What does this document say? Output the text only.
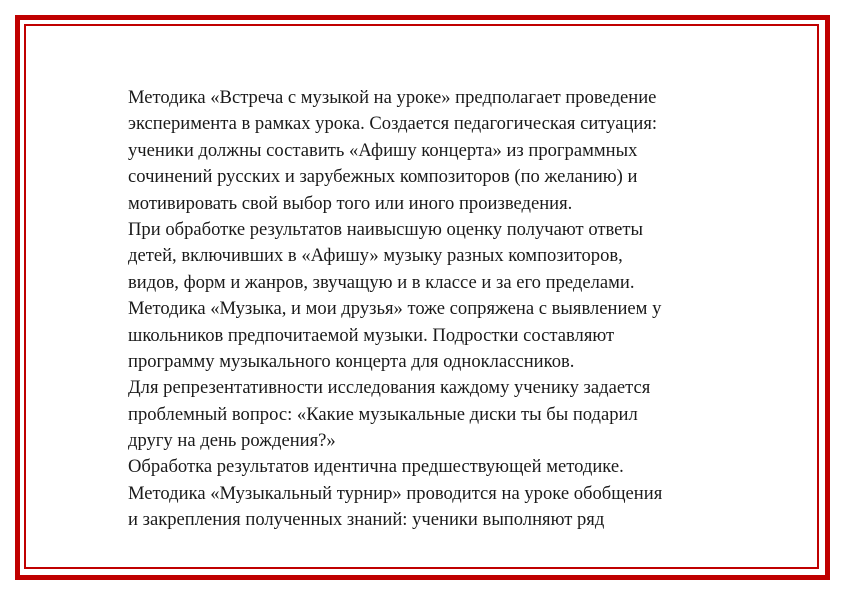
Методика «Встреча с музыкой на уроке» предполагает проведение
эксперимента в рамках урока. Создается педагогическая ситуация:
ученики должны составить «Афишу концерта» из программных
сочинений русских и зарубежных композиторов (по желанию) и
мотивировать свой выбор того или иного произведения.
При обработке результатов наивысшую оценку получают ответы
детей, включивших в «Афишу» музыку разных композиторов,
видов, форм и жанров, звучащую и в классе и за его пределами.
Методика «Музыка, и мои друзья» тоже сопряжена с выявлением у
школьников предпочитаемой музыки. Подростки составляют
программу музыкального концерта для одноклассников.
Для репрезентативности исследования каждому ученику задается
проблемный вопрос: «Какие музыкальные диски ты бы подарил
другу на день рождения?»
Обработка результатов идентична предшествующей методике.
Методика «Музыкальный турнир» проводится на уроке обобщения
и закрепления полученных знаний: ученики выполняют ряд
